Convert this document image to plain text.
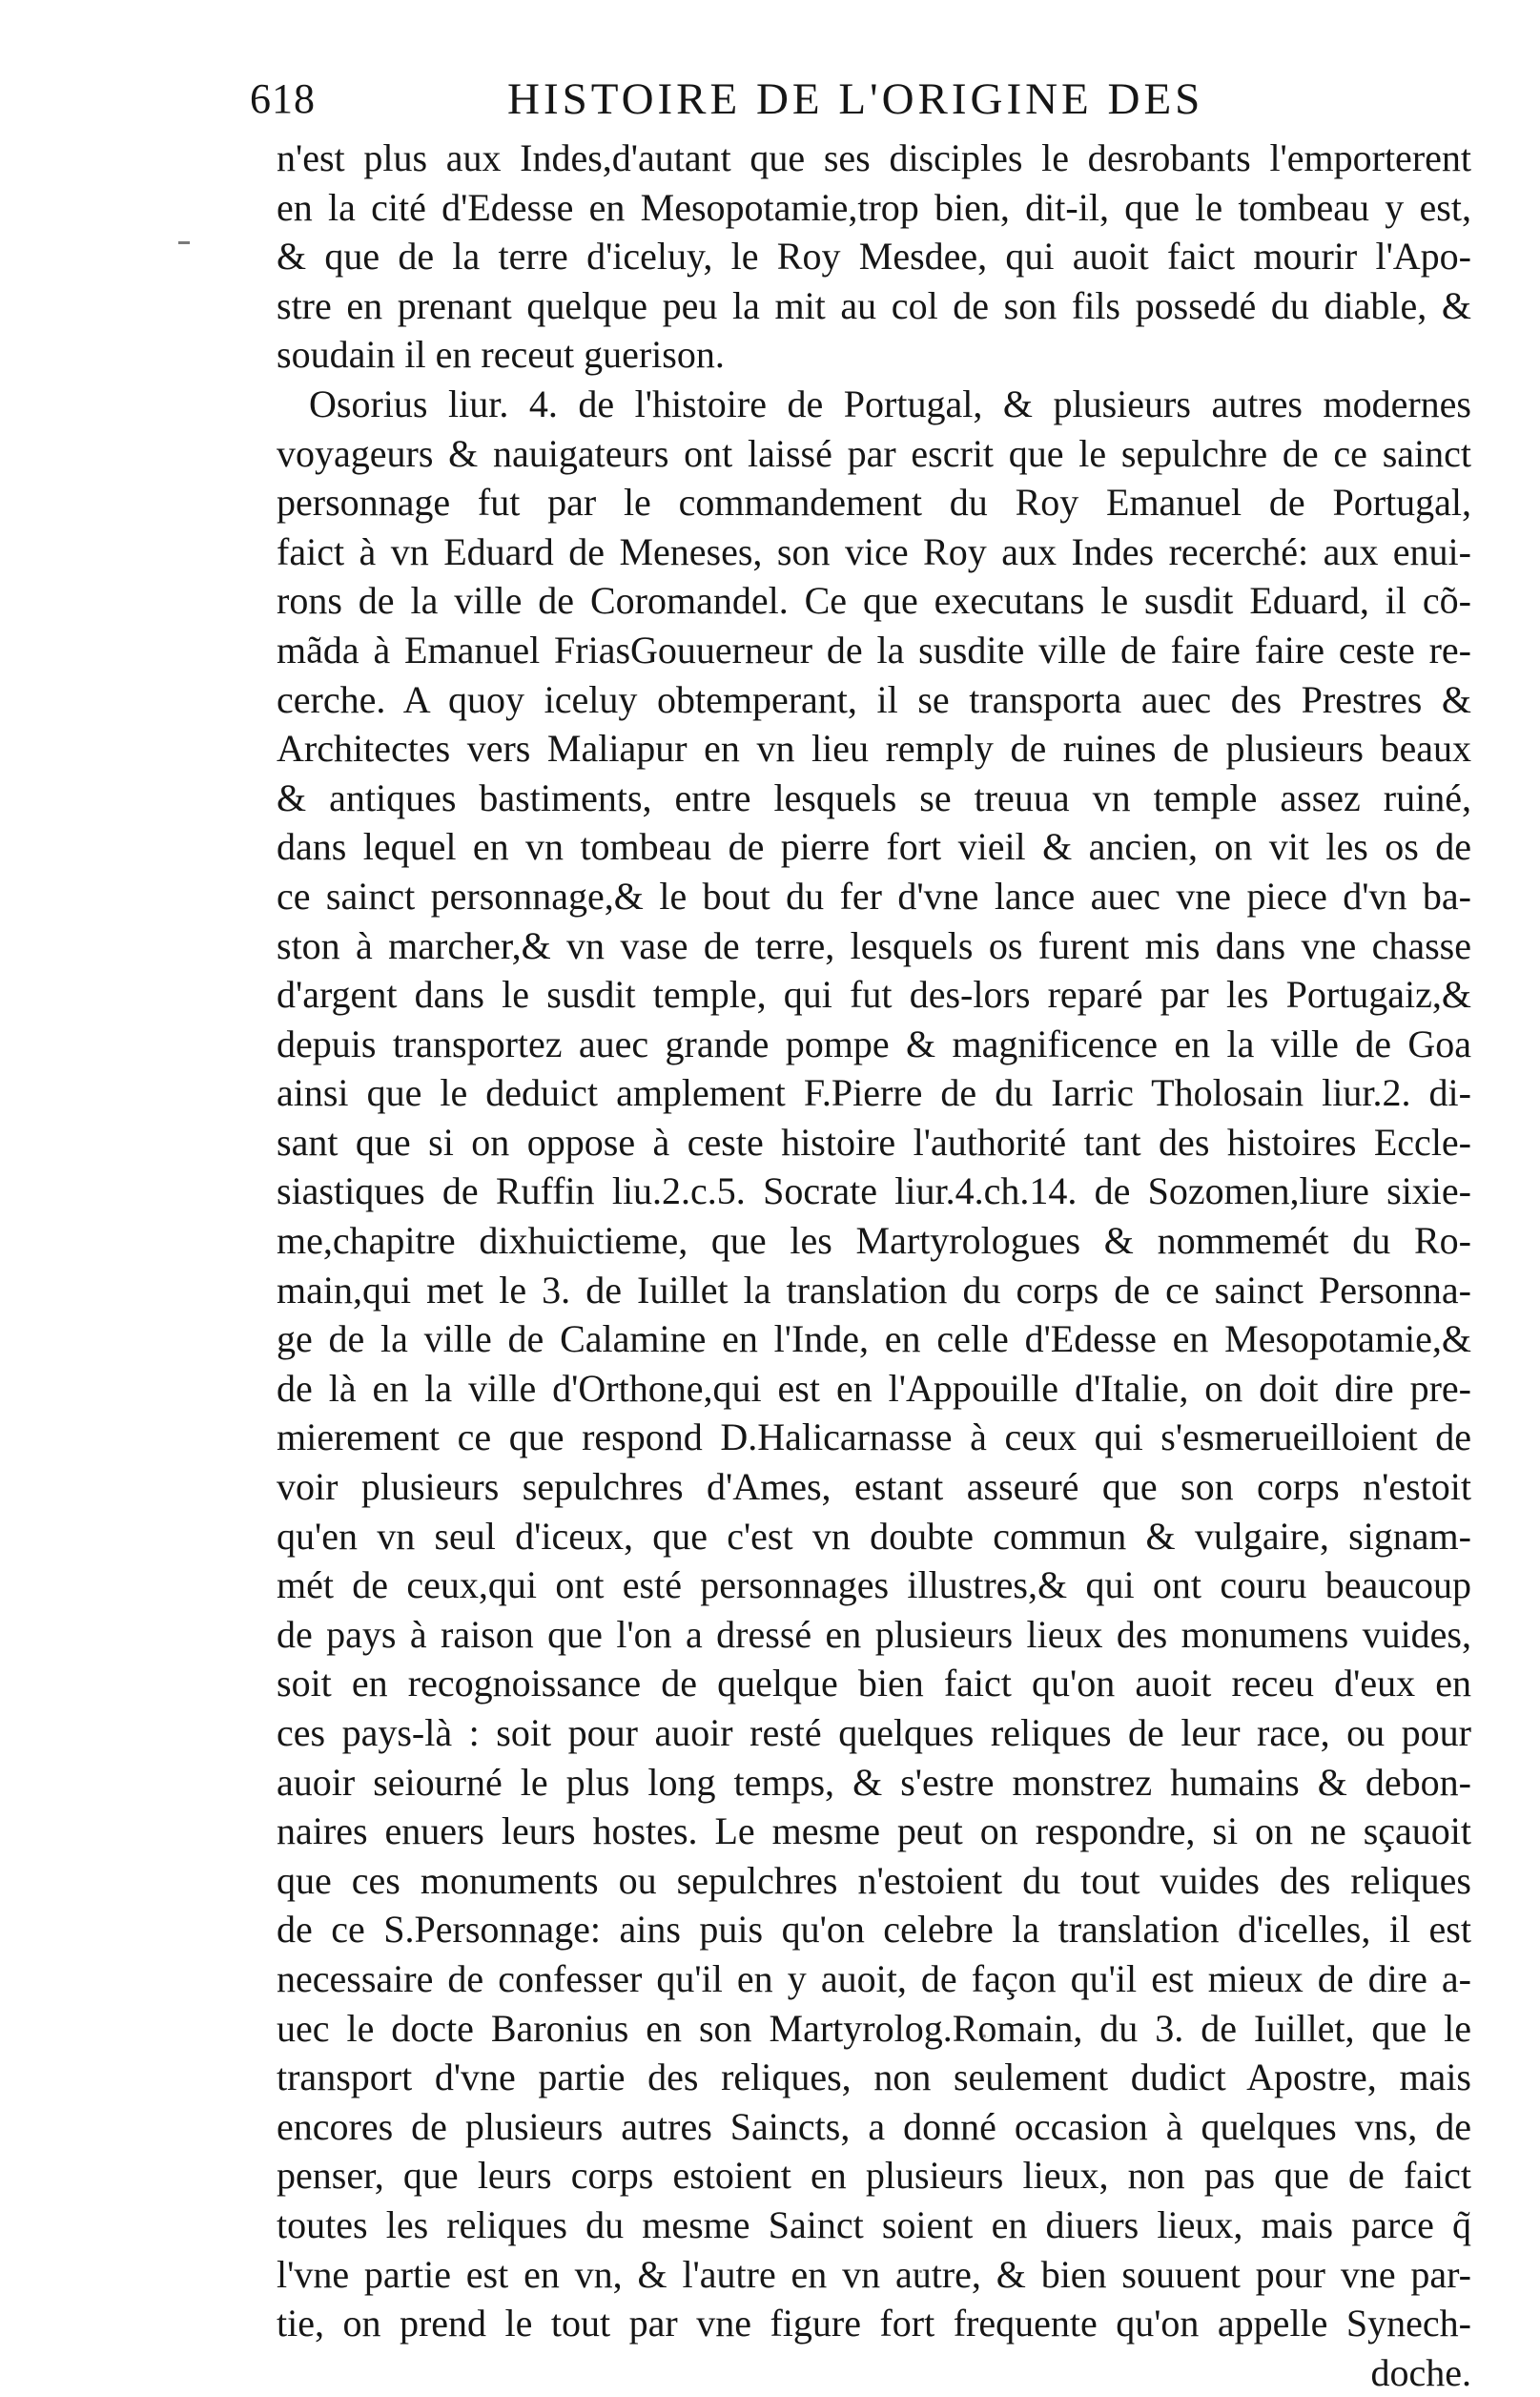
618	HISTOIRE DE L'ORIGINE DES
n'est plus aux Indes,d'autant que ses disciples le desrobants l'emporterent
en la cité d'Edesse en Mesopotamie,trop bien, dit-il, que le tombeau y est,
& que de la terre d'iceluy, le Roy Mesdee, qui auoit faict mourir l'Apo-
stre en prenant quelque peu la mit au col de son fils possedé du diable, &
soudain il en receut guerison.
Osorius liur. 4. de l'histoire de Portugal, & plusieurs autres modernes
voyageurs & nauigateurs ont laissé par escrit que le sepulchre de ce sainct
personnage fut par le commandement du Roy Emanuel de Portugal,
faict à vn Eduard de Meneses, son vice Roy aux Indes recerché: aux enui-
rons de la ville de Coromandel. Ce que executans le susdit Eduard, il cõ-
mãda à Emanuel FriasGouuerneur de la susdite ville de faire faire ceste re-
cerche. A quoy iceluy obtemperant, il se transporta auec des Prestres &
Architectes vers Maliapur en vn lieu remply de ruines de plusieurs beaux
& antiques bastiments, entre lesquels se treuua vn temple assez ruiné,
dans lequel en vn tombeau de pierre fort vieil & ancien, on vit les os de
ce sainct personnage,& le bout du fer d'vne lance auec vne piece d'vn ba-
ston à marcher,& vn vase de terre, lesquels os furent mis dans vne chasse
d'argent dans le susdit temple, qui fut des-lors reparé par les Portugaiz,&
depuis transportez auec grande pompe & magnificence en la ville de Goa
ainsi que le deduict amplement F.Pierre de du Iarric Tholosain liur.2. di-
sant que si on oppose à ceste histoire l'authorité tant des histoires Eccle-
siastiques de Ruffin liu.2.c.5. Socrate liur.4.ch.14. de Sozomen,liure sixie-
me,chapitre dixhuictieme, que les Martyrologues & nommemét du Ro-
main,qui met le 3. de Iuillet la translation du corps de ce sainct Personna-
ge de la ville de Calamine en l'Inde, en celle d'Edesse en Mesopotamie,&
de là en la ville d'Orthone,qui est en l'Appouille d'Italie, on doit dire pre-
mierement ce que respond D.Halicarnasse à ceux qui s'esmerueilloient de
voir plusieurs sepulchres d'Ames, estant asseuré que son corps n'estoit
qu'en vn seul d'iceux, que c'est vn doubte commun & vulgaire, signam-
mét de ceux,qui ont esté personnages illustres,& qui ont couru beaucoup
de pays à raison que l'on a dressé en plusieurs lieux des monumens vuides,
soit en recognoissance de quelque bien faict qu'on auoit receu d'eux en
ces pays-là : soit pour auoir resté quelques reliques de leur race, ou pour
auoir seiourné le plus long temps, & s'estre monstrez humains & debon-
naires enuers leurs hostes. Le mesme peut on respondre, si on ne sçauoit
que ces monuments ou sepulchres n'estoient du tout vuides des reliques
de ce S.Personnage: ains puis qu'on celebre la translation d'icelles, il est
necessaire de confesser qu'il en y auoit, de façon qu'il est mieux de dire a-
uec le docte Baronius en son Martyrolog.Romain, du 3. de Iuillet, que le
transport d'vne partie des reliques, non seulement dudict Apostre, mais
encores de plusieurs autres Saincts, a donné occasion à quelques vns, de
penser, que leurs corps estoient en plusieurs lieux, non pas que de faict
toutes les reliques du mesme Sainct soient en diuers lieux, mais parce q̃
l'vne partie est en vn, & l'autre en vn autre, & bien souuent pour vne par-
tie, on prend le tout par vne figure fort frequente qu'on appelle Synech-
doche.
